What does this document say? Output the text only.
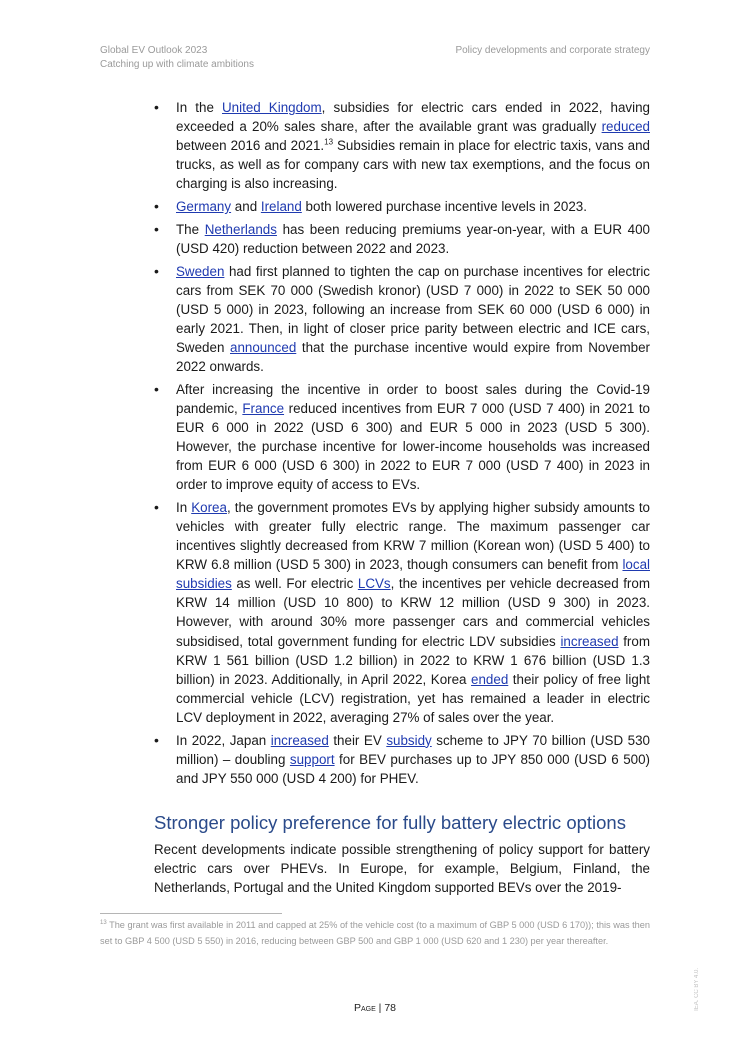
Global EV Outlook 2023
Catching up with climate ambitions
Policy developments and corporate strategy
• In the United Kingdom, subsidies for electric cars ended in 2022, having exceeded a 20% sales share, after the available grant was gradually reduced between 2016 and 2021.13 Subsidies remain in place for electric taxis, vans and trucks, as well as for company cars with new tax exemptions, and the focus on charging is also increasing.
• Germany and Ireland both lowered purchase incentive levels in 2023.
• The Netherlands has been reducing premiums year-on-year, with a EUR 400 (USD 420) reduction between 2022 and 2023.
• Sweden had first planned to tighten the cap on purchase incentives for electric cars from SEK 70 000 (Swedish kronor) (USD 7 000) in 2022 to SEK 50 000 (USD 5 000) in 2023, following an increase from SEK 60 000 (USD 6 000) in early 2021. Then, in light of closer price parity between electric and ICE cars, Sweden announced that the purchase incentive would expire from November 2022 onwards.
• After increasing the incentive in order to boost sales during the Covid-19 pandemic, France reduced incentives from EUR 7 000 (USD 7 400) in 2021 to EUR 6 000 in 2022 (USD 6 300) and EUR 5 000 in 2023 (USD 5 300). However, the purchase incentive for lower-income households was increased from EUR 6 000 (USD 6 300) in 2022 to EUR 7 000 (USD 7 400) in 2023 in order to improve equity of access to EVs.
• In Korea, the government promotes EVs by applying higher subsidy amounts to vehicles with greater fully electric range. The maximum passenger car incentives slightly decreased from KRW 7 million (Korean won) (USD 5 400) to KRW 6.8 million (USD 5 300) in 2023, though consumers can benefit from local subsidies as well. For electric LCVs, the incentives per vehicle decreased from KRW 14 million (USD 10 800) to KRW 12 million (USD 9 300) in 2023. However, with around 30% more passenger cars and commercial vehicles subsidised, total government funding for electric LDV subsidies increased from KRW 1 561 billion (USD 1.2 billion) in 2022 to KRW 1 676 billion (USD 1.3 billion) in 2023. Additionally, in April 2022, Korea ended their policy of free light commercial vehicle (LCV) registration, yet has remained a leader in electric LCV deployment in 2022, averaging 27% of sales over the year.
• In 2022, Japan increased their EV subsidy scheme to JPY 70 billion (USD 530 million) – doubling support for BEV purchases up to JPY 850 000 (USD 6 500) and JPY 550 000 (USD 4 200) for PHEV.
Stronger policy preference for fully battery electric options
Recent developments indicate possible strengthening of policy support for battery electric cars over PHEVs. In Europe, for example, Belgium, Finland, the Netherlands, Portugal and the United Kingdom supported BEVs over the 2019-
$^{13}$ The grant was first available in 2011 and capped at 25% of the vehicle cost (to a maximum of GBP 5 000 (USD 6 170)); this was then set to GBP 4 500 (USD 5 550) in 2016, reducing between GBP 500 and GBP 1 000 (USD 620 and 1 230) per year thereafter.
Page | 78	IEA. CC BY 4.0.
